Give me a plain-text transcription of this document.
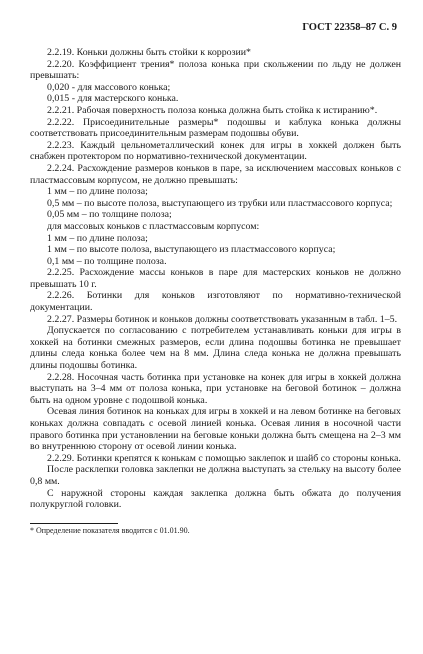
ГОСТ 22358–87 С. 9

2.2.19. Коньки должны быть стойки к коррозии*

2.2.20. Коэффициент трения* полоза конька при скольжении по льду не должен превышать:

0,020 - для массового конька;

0,015 - для мастерского конька.

2.2.21. Рабочая поверхность полоза конька должна быть стойка к истиранию*.

2.2.22. Присоединительные размеры* подошвы и каблука конька должны соответствовать присоединительным размерам подошвы обуви.

2.2.23. Каждый цельнометаллический конек для игры в хоккей должен быть снабжен протектором по нормативно-технической документации.

2.2.24. Расхождение размеров коньков в паре, за исключением массовых коньков с пластмассовым корпусом, не должно превышать:

1 мм – по длине полоза;

0,5 мм – по высоте полоза, выступающего из трубки или пластмассового корпуса;

0,05 мм – по толщине полоза;

для массовых коньков с пластмассовым корпусом:

1 мм – по длине полоза;

1 мм – по высоте полоза, выступающего из пластмассового корпуса;

0,1 мм – по толщине полоза.

2.2.25. Расхождение массы коньков в паре для мастерских коньков не должно превышать 10 г.

2.2.26. Ботинки для коньков изготовляют по нормативно-технической документации.

2.2.27. Размеры ботинок и коньков должны соответствовать указанным в табл. 1–5.

Допускается по согласованию с потребителем устанавливать коньки для игры в хоккей на ботинки смежных размеров, если длина подошвы ботинка не превышает длины следа конька более чем на 8 мм. Длина следа конька не должна превышать длины подошвы ботинка.

2.2.28. Носочная часть ботинка при установке на конек для игры в хоккей должна выступать на 3–4 мм от полоза конька, при установке на беговой ботинок – должна быть на одном уровне с подошвой конька.

Осевая линия ботинок на коньках для игры в хоккей и на левом ботинке на беговых коньках должна совпадать с осевой линией конька. Осевая линия в носочной части правого ботинка при установлении на беговые коньки должна быть смещена на 2–3 мм во внутреннюю сторону от осевой линии конька.

2.2.29. Ботинки крепятся к конькам с помощью заклепок и шайб со стороны конька.

После расклепки головка заклепки не должна выступать за стельку на высоту более 0,8 мм.

С наружной стороны каждая заклепка должна быть обжата до получения полукруглой головки.

* Определение показателя вводится с 01.01.90.
